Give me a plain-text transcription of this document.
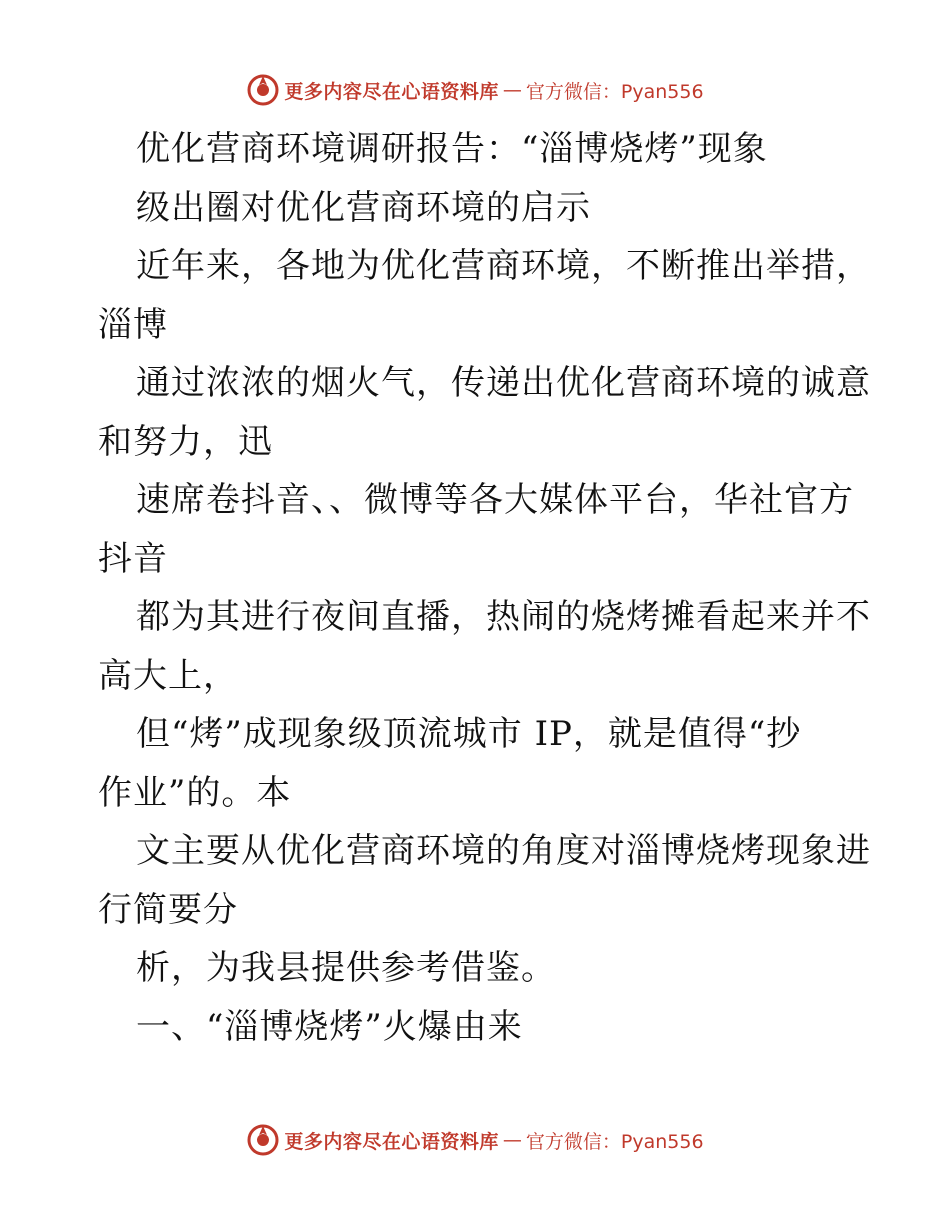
更多内容尽在心语资料库 — 官方微信：Pyan556
优化营商环境调研报告：“淄博烧烤”现象
级出圈对优化营商环境的启示
近年来，各地为优化营商环境，不断推出举措，
淄博
通过浓浓的烟火气，传递出优化营商环境的诚意
和努力，迅
速席卷抖音、、微博等各大媒体平台，华社官方
抖音
都为其进行夜间直播，热闹的烧烤摊看起来并不
高大上，
但“烤”成现象级顶流城市 IP，就是值得“抄
作业”的。本
文主要从优化营商环境的角度对淄博烧烤现象进
行简要分
析，为我县提供参考借鉴。
一、“淄博烧烤”火爆由来
更多内容尽在心语资料库 — 官方微信：Pyan556
